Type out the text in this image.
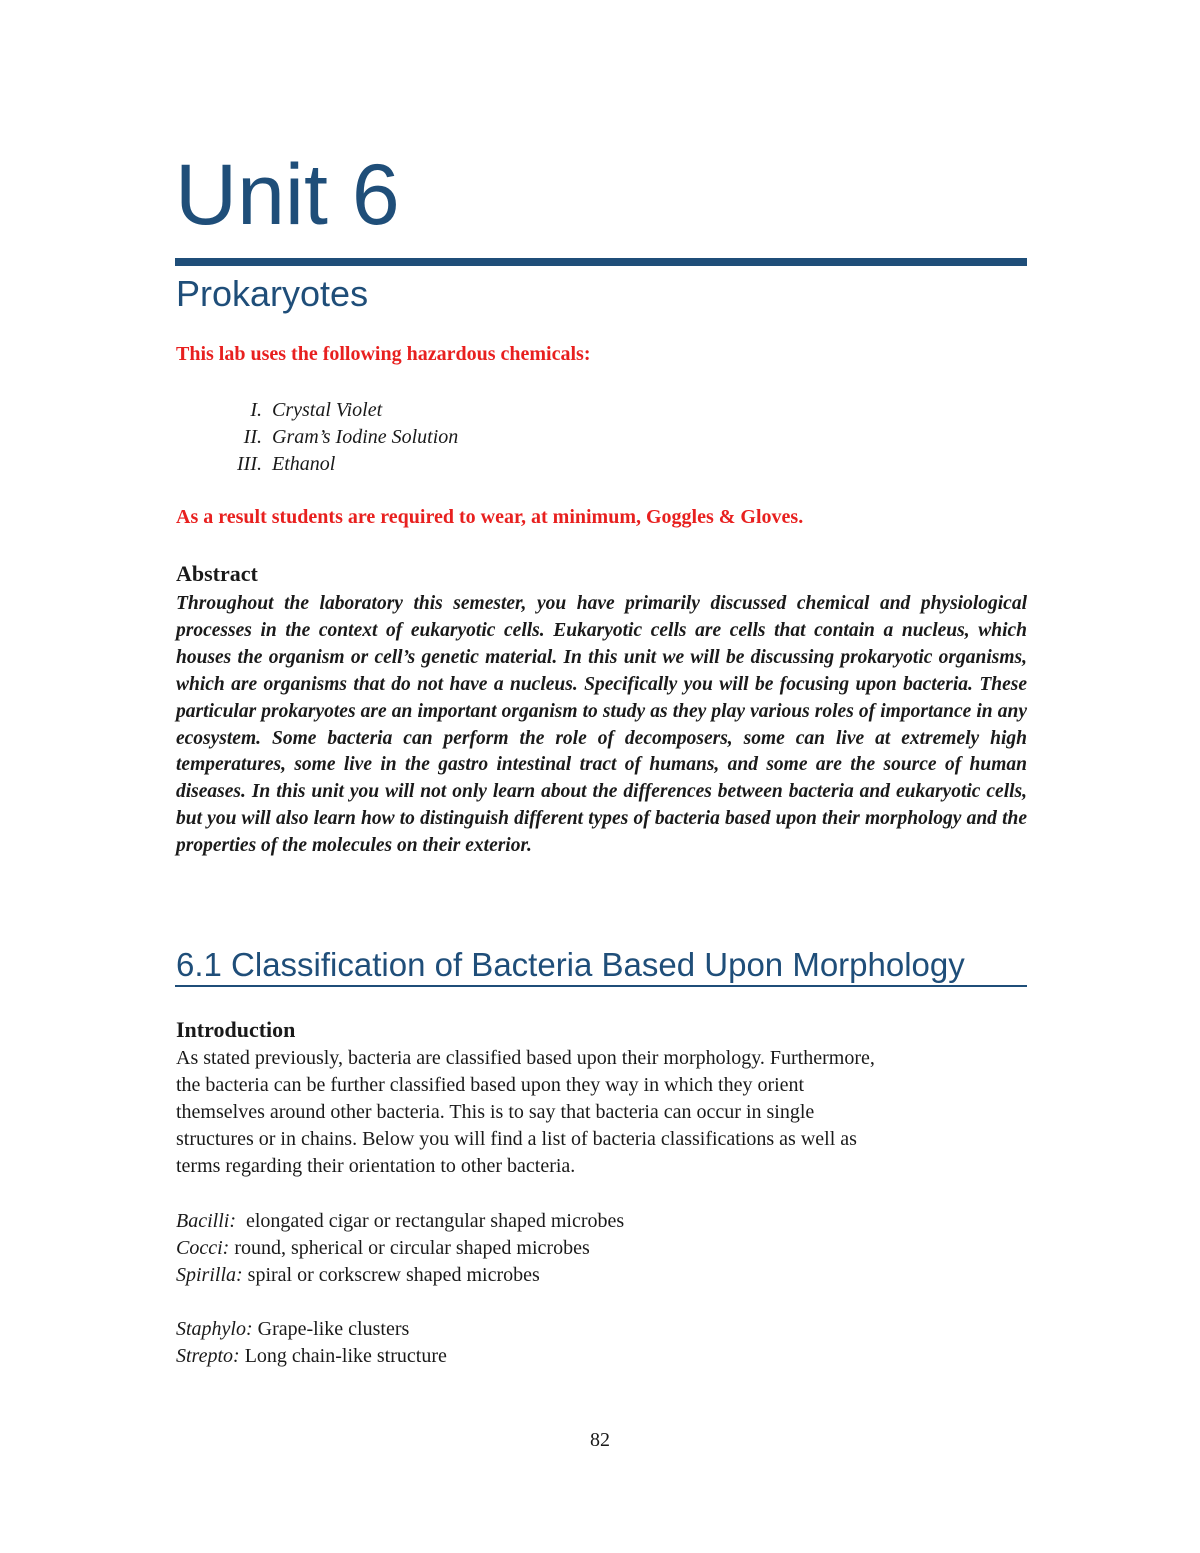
Unit 6
Prokaryotes

This lab uses the following hazardous chemicals:

I. Crystal Violet
II. Gram’s Iodine Solution
III. Ethanol

As a result students are required to wear, at minimum, Goggles & Gloves.

Abstract

Throughout the laboratory this semester, you have primarily discussed chemical and physiological processes in the context of eukaryotic cells. Eukaryotic cells are cells that contain a nucleus, which houses the organism or cell’s genetic material. In this unit we will be discussing prokaryotic organisms, which are organisms that do not have a nucleus. Specifically you will be focusing upon bacteria. These particular prokaryotes are an important organism to study as they play various roles of importance in any ecosystem. Some bacteria can perform the role of decomposers, some can live at extremely high temperatures, some live in the gastro intestinal tract of humans, and some are the source of human diseases. In this unit you will not only learn about the differences between bacteria and eukaryotic cells, but you will also learn how to distinguish different types of bacteria based upon their morphology and the properties of the molecules on their exterior.

6.1 Classification of Bacteria Based Upon Morphology
Introduction
As stated previously, bacteria are classified based upon their morphology. Furthermore,
the bacteria can be further classified based upon they way in which they orient
themselves around other bacteria. This is to say that bacteria can occur in single
structures or in chains. Below you will find a list of bacteria classifications as well as
terms regarding their orientation to other bacteria.
Bacilli: elongated cigar or rectangular shaped microbes
Cocci: round, spherical or circular shaped microbes
Spirilla: spiral or corkscrew shaped microbes
Staphylo: Grape-like clusters
Strepto: Long chain-like structure
82
